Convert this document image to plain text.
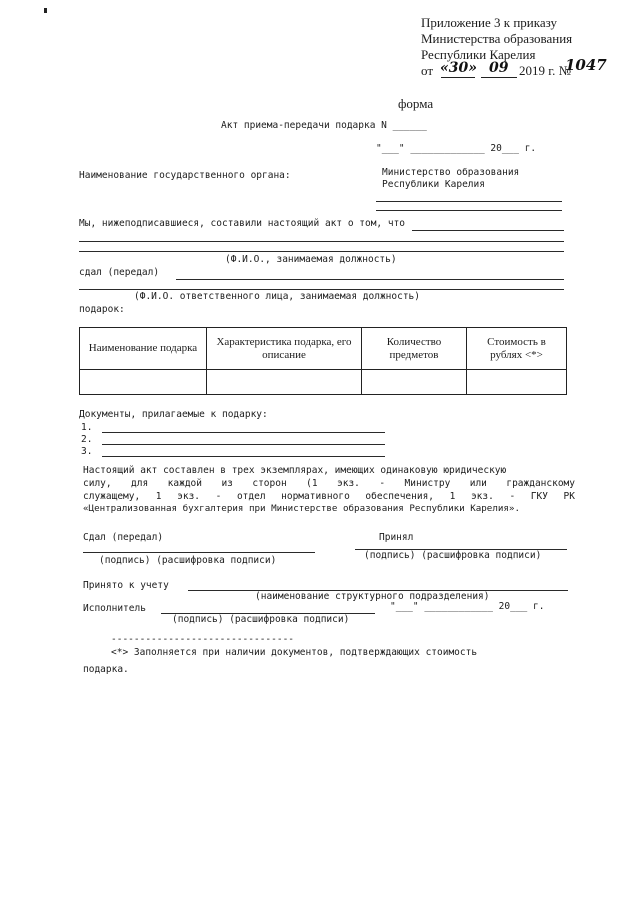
Приложение 3 к приказу
Министерства образования
Республики Карелия
от «30» 09 2019 г. №
1047
форма
Акт приема-передачи подарка N ______
"___" _____________ 20___ г.
Наименование государственного органа:	Министерство образования
Республики Карелия
Мы, нижеподписавшиеся, составили настоящий акт о том, что
(Ф.И.О., занимаемая должность)
сдал (передал)
(Ф.И.О. ответственного лица, занимаемая должность)
подарок:
Наименование подарка	Характеристика подарка, его описание	Количество предметов	Стоимость в рублях <*>

Документы, прилагаемые к подарку:
1.
2.
3.
Настоящий акт составлен в трех экземплярах, имеющих одинаковую юридическую
силу, для каждой из сторон (1 экз. - Министру или гражданскому
служащему, 1 экз. - отдел нормативного обеспечения, 1 экз. - ГКУ РК
«Централизованная бухгалтерия при Министерстве образования Республики Карелия».
Сдал (передал)	Принял
(подпись) (расшифровка подписи)	(подпись) (расшифровка подписи)
Принято к учету
(наименование структурного подразделения)
Исполнитель	"___" ____________ 20___ г.
(подпись) (расшифровка подписи)
--------------------------------
<*> Заполняется при наличии документов, подтверждающих стоимость
подарка.
